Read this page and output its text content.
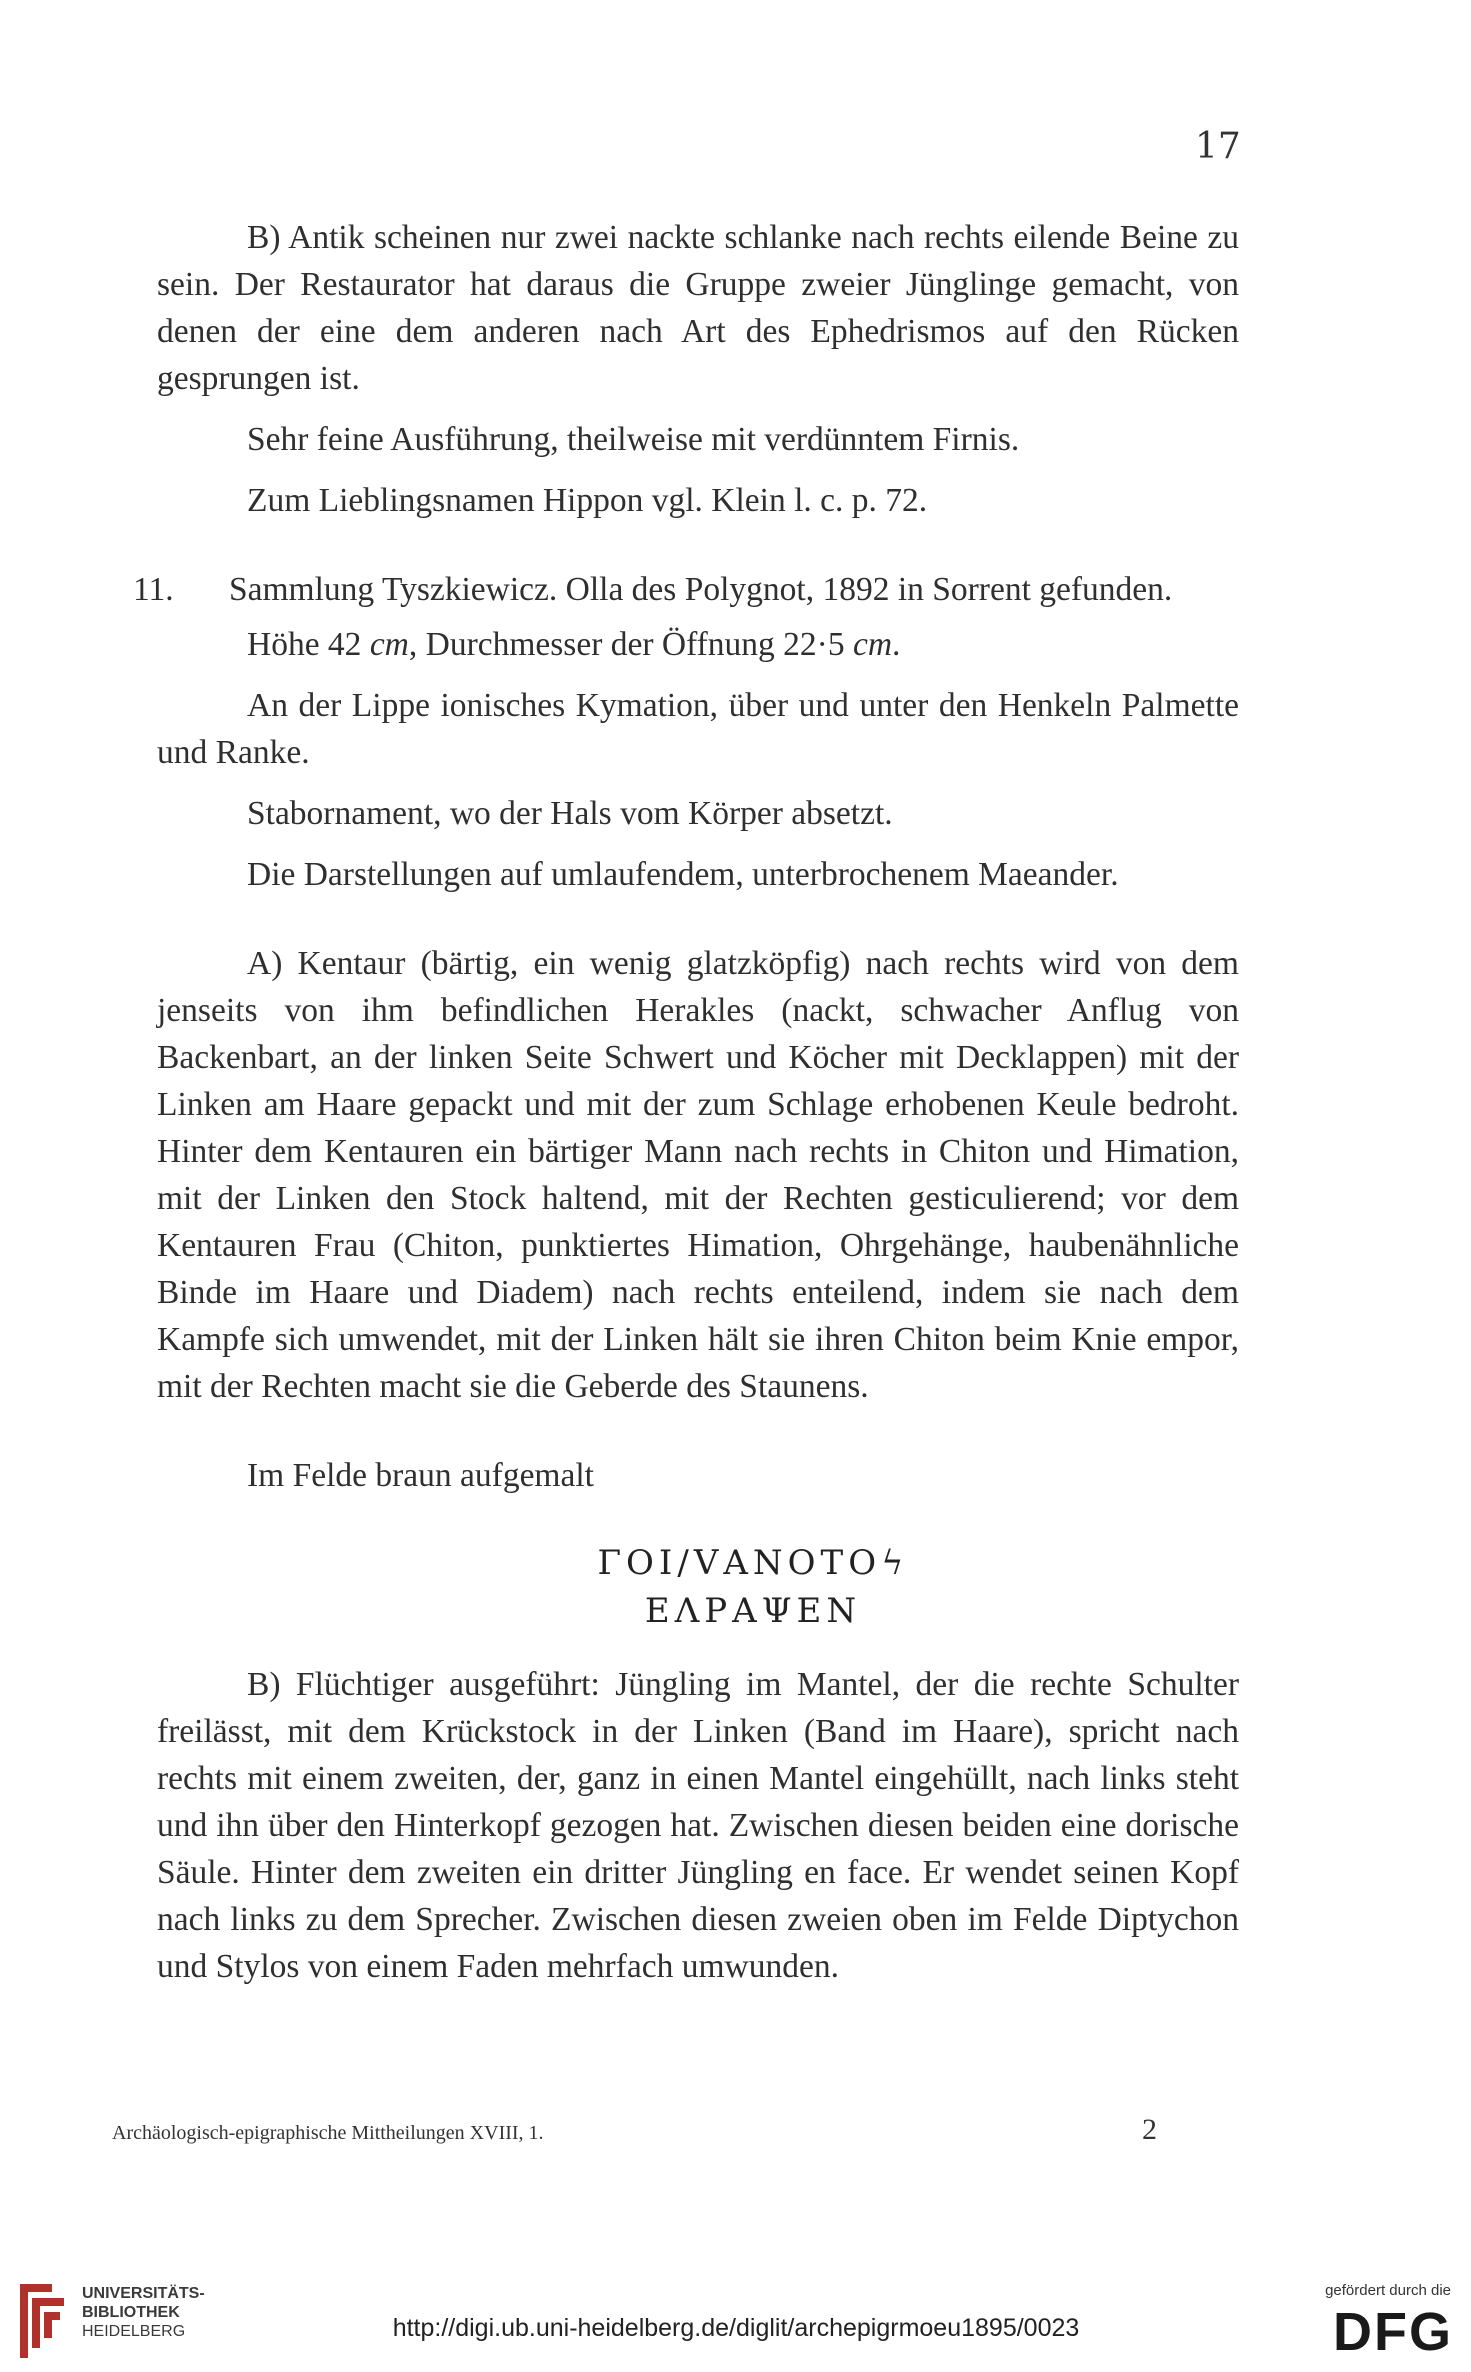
17

B) Antik scheinen nur zwei nackte schlanke nach rechts eilende Beine zu sein. Der Restaurator hat daraus die Gruppe zweier Jünglinge gemacht, von denen der eine dem anderen nach Art des Ephedrismos auf den Rücken gesprungen ist.

Sehr feine Ausführung, theilweise mit verdünntem Firnis.

Zum Lieblingsnamen Hippon vgl. Klein l. c. p. 72.

11. Sammlung Tyszkiewicz. Olla des Polygnot, 1892 in Sorrent gefunden.

Höhe 42 cm, Durchmesser der Öffnung 22·5 cm.

An der Lippe ionisches Kymation, über und unter den Henkeln Palmette und Ranke.

Stabornament, wo der Hals vom Körper absetzt.

Die Darstellungen auf umlaufendem, unterbrochenem Maeander.

A) Kentaur (bärtig, ein wenig glatzköpfig) nach rechts wird von dem jenseits von ihm befindlichen Herakles (nackt, schwacher Anflug von Backenbart, an der linken Seite Schwert und Köcher mit Decklappen) mit der Linken am Haare gepackt und mit der zum Schlage erhobenen Keule bedroht. Hinter dem Kentauren ein bärtiger Mann nach rechts in Chiton und Himation, mit der Linken den Stock haltend, mit der Rechten gesticulierend; vor dem Kentauren Frau (Chiton, punktiertes Himation, Ohrgehänge, haubenähnliche Binde im Haare und Diadem) nach rechts enteilend, indem sie nach dem Kampfe sich umwendet, mit der Linken hält sie ihren Chiton beim Knie empor, mit der Rechten macht sie die Geberde des Staunens.

Im Felde braun aufgemalt

ΓΟΙ/VΑΝΟΤΟϟ
ΕΛΡΑΨΕΝ

B) Flüchtiger ausgeführt: Jüngling im Mantel, der die rechte Schulter freilässt, mit dem Krückstock in der Linken (Band im Haare), spricht nach rechts mit einem zweiten, der, ganz in einen Mantel eingehüllt, nach links steht und ihn über den Hinterkopf gezogen hat. Zwischen diesen beiden eine dorische Säule. Hinter dem zweiten ein dritter Jüngling en face. Er wendet seinen Kopf nach links zu dem Sprecher. Zwischen diesen zweien oben im Felde Diptychon und Stylos von einem Faden mehrfach umwunden.

Archäologisch-epigraphische Mittheilungen XVIII, 1.	2
UNIVERSITÄTS-
BIBLIOTHEK
HEIDELBERG	http://digi.ub.uni-heidelberg.de/diglit/archepigrmoeu1895/0023
gefördert durch die
DFG
